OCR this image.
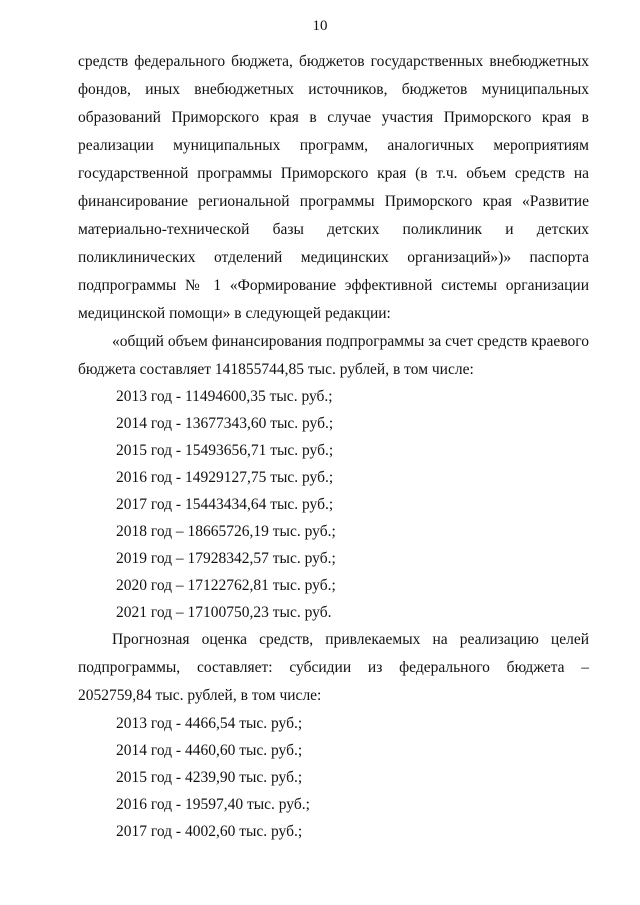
10
средств федерального бюджета, бюджетов государственных внебюджетных
фондов, иных внебюджетных источников, бюджетов муниципальных
образований Приморского края в случае участия Приморского края в
реализации муниципальных программ, аналогичных мероприятиям
государственной программы Приморского края (в т.ч. объем средств на
финансирование региональной программы Приморского края «Развитие
материально-технической базы детских поликлиник и детских
поликлинических отделений медицинских организаций»)» паспорта
подпрограммы № 1 «Формирование эффективной системы организации
медицинской помощи» в следующей редакции:
«общий объем финансирования подпрограммы за счет средств краевого
бюджета составляет 141855744,85 тыс. рублей, в том числе:
2013 год - 11494600,35 тыс. руб.;
2014 год - 13677343,60 тыс. руб.;
2015 год - 15493656,71 тыс. руб.;
2016 год - 14929127,75 тыс. руб.;
2017 год - 15443434,64 тыс. руб.;
2018 год – 18665726,19 тыс. руб.;
2019 год – 17928342,57 тыс. руб.;
2020 год – 17122762,81 тыс. руб.;
2021 год – 17100750,23 тыс. руб.
Прогнозная оценка средств, привлекаемых на реализацию целей
подпрограммы, составляет: субсидии из федерального бюджета –
2052759,84 тыс. рублей, в том числе:
2013 год - 4466,54 тыс. руб.;
2014 год - 4460,60 тыс. руб.;
2015 год - 4239,90 тыс. руб.;
2016 год - 19597,40 тыс. руб.;
2017 год - 4002,60 тыс. руб.;
